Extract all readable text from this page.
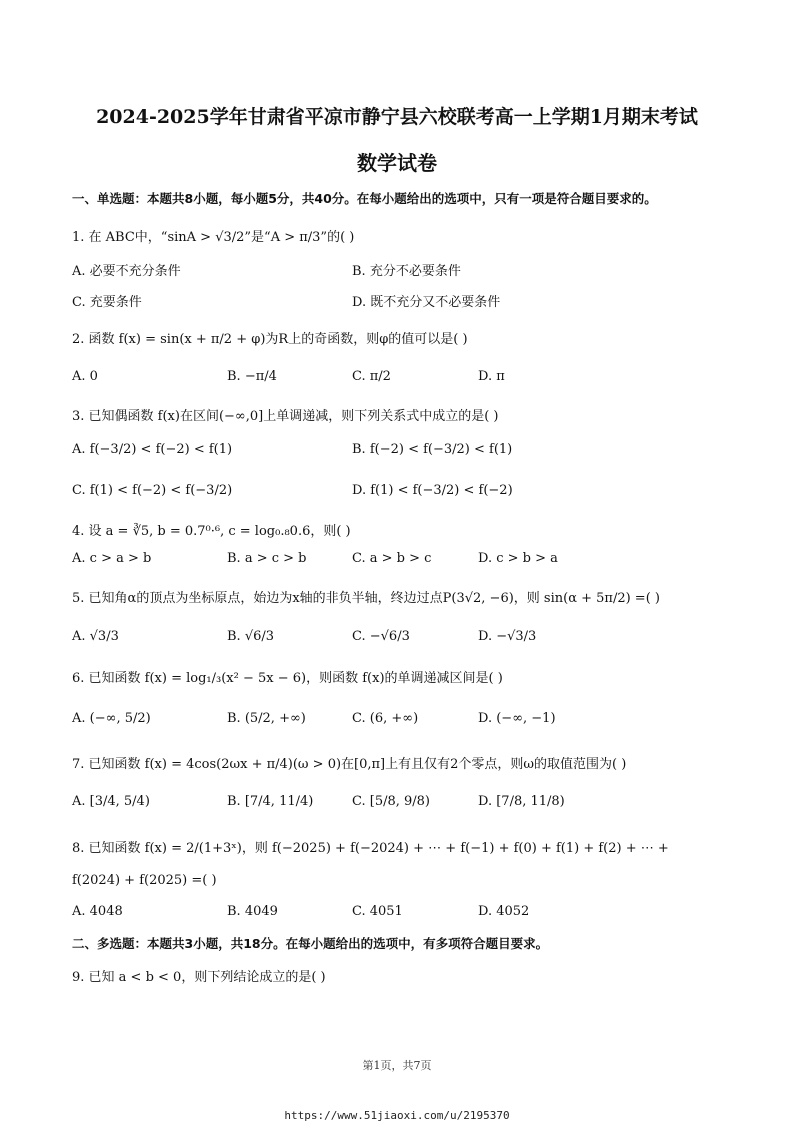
2024-2025学年甘肃省平凉市静宁县六校联考高一上学期1月期末考试
数学试卷
一、单选题：本题共8小题，每小题5分，共40分。在每小题给出的选项中，只有一项是符合题目要求的。
1. 在 ABC中，“sinA > √3/2”是“A > π/3”的( )
A. 必要不充分条件	B. 充分不必要条件
C. 充要条件	D. 既不充分又不必要条件
2. 函数 f(x) = sin(x + π/2 + φ)为R上的奇函数，则φ的值可以是( )
A. 0	B. −π/4	C. π/2	D. π
3. 已知偶函数 f(x)在区间(−∞,0]上单调递减，则下列关系式中成立的是( )
A. f(−3/2) < f(−2) < f(1)	B. f(−2) < f(−3/2) < f(1)
C. f(1) < f(−2) < f(−3/2)	D. f(1) < f(−3/2) < f(−2)
4. 设 a = ∛5, b = 0.7⁰·⁶, c = log₀.₈0.6，则( )
A. c > a > b	B. a > c > b	C. a > b > c	D. c > b > a
5. 已知角α的顶点为坐标原点，始边为x轴的非负半轴，终边过点P(3√2, −6)，则 sin(α + 5π/2) =( )
A. √3/3	B. √6/3	C. −√6/3	D. −√3/3
6. 已知函数 f(x) = log₁/₃(x² − 5x − 6)，则函数 f(x)的单调递减区间是( )
A. (−∞, 5/2)	B. (5/2, +∞)	C. (6, +∞)	D. (−∞, −1)
7. 已知函数 f(x) = 4cos(2ωx + π/4)(ω > 0)在[0,π]上有且仅有2个零点，则ω的取值范围为( )
A. [3/4, 5/4)	B. [7/4, 11/4)	C. [5/8, 9/8)	D. [7/8, 11/8)
8. 已知函数 f(x) = 2/(1+3ˣ)，则 f(−2025) + f(−2024) + ⋯ + f(−1) + f(0) + f(1) + f(2) + ⋯ +
f(2024) + f(2025) =( )
A. 4048	B. 4049	C. 4051	D. 4052
二、多选题：本题共3小题，共18分。在每小题给出的选项中，有多项符合题目要求。
9. 已知 a < b < 0，则下列结论成立的是( )
第1页，共7页
https://www.51jiaoxi.com/u/2195370
